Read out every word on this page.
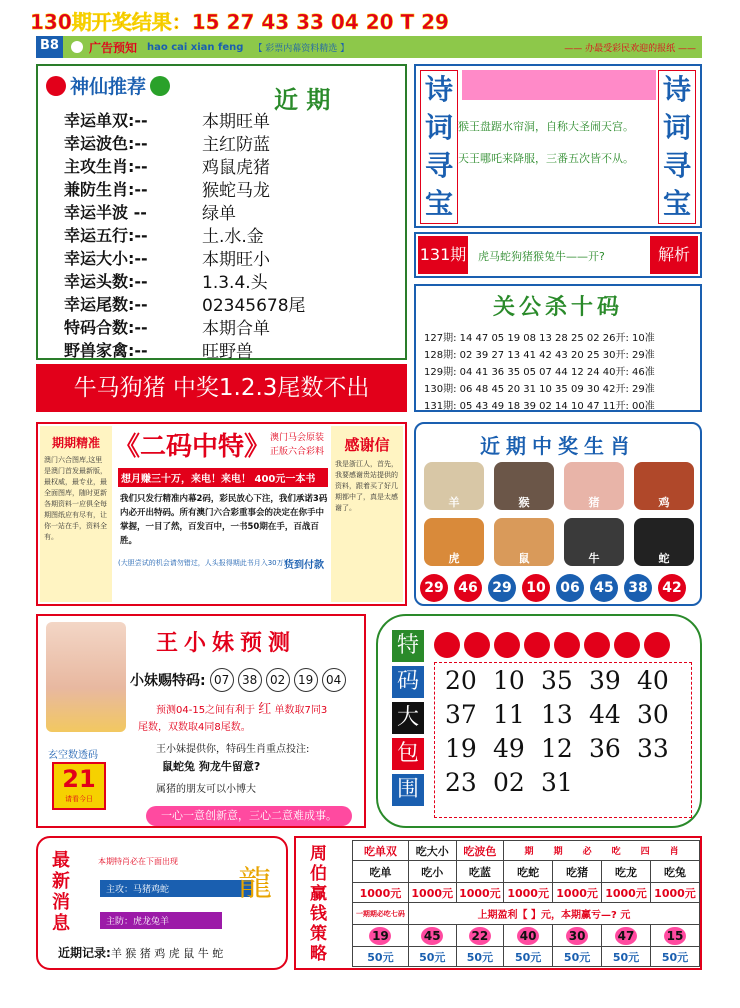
130期开奖结果：15 27 43 33 04 20 T 29
B8	广告预知 hao cai xian feng 【 彩票内幕资料精选 】	—— 办最受彩民欢迎的报纸 ——
神仙推荐	近 期
幸运单双:--	本期旺单
幸运波色:--	主红防蓝
主攻生肖:--	鸡鼠虎猪
兼防生肖:--	猴蛇马龙
幸运半波 --	绿单
幸运五行:--	土.水.金
幸运大小:--	本期旺小
幸运头数:--	1.3.4.头
幸运尾数:--	02345678尾
特码合数:--	本期合单
野兽家禽:--	旺野兽
牛马狗猪 中奖1.2.3尾数不出
诗
词
寻
宝
诗
词
寻
宝
猴王盘踞水帘洞，自称大圣闹天宫。
天王哪吒来降服，三番五次皆不从。
131期 虎马蛇狗猪猴兔牛——开?	解析
关公杀十码
127期: 14 47 05 19 08 13 28 25 02 26开: 10准
128期: 02 39 27 13 41 42 43 20 25 30开: 29准
129期: 04 41 36 35 05 07 44 12 24 40开: 46准
130期: 06 48 45 20 31 10 35 09 30 42开: 29准
131期: 05 43 49 18 39 02 14 10 47 11开: 00准
期期精准
澳门六合图库,这里是澳门首发最新版，最权威，最专业，最全面图库，随时更新各期资料一应俱全每期图纸应有尽有，让你一站在手，资料全有。
《二码中特》 澳门马会原装
正版六合彩料
想月赚三十万，来电！来电！ 400元一本书
我们只发行精准内幕2码，彩民放心下注，我们承诺3码内必开出特码。所有澳门六合彩重事会的决定在你手中掌握，一目了然，百发百中，一书50期在手，百战百胜。
(大胆尝试的机会请勿错过，人头报得期此书月入30万)
货到付款
感谢信
我是浙江人，首先，我要感谢贵站提供的资料，跟着买了好几期都中了，真是太感谢了。
近期中奖生肖
羊	猴	猪	鸡
虎	鼠	牛	蛇
29	46	29	10	06	45	38	42
王小妹预测
小妹赐特码: 07	38	02	19	04
预测04-15之间有利于 红 单数取7同3
尾数，双数取4同8尾数。
王小妹提供你，特码生肖重点投注:
鼠蛇兔 狗龙牛留意?
属猪的朋友可以小博大
玄空数透码
21
请看今日
一心一意创新意，三心二意难成事。
特
码
大
包
围
20 10 35 39 40
37 11 13 44 30
19 49 12 36 33
23 02 31
最
新
消
息
本期特肖必在下面出现
主攻：马猪鸡蛇
主防：虎龙兔羊
龍
近期记录:羊 猴 猪 鸡 虎 鼠 牛 蛇
周
伯
赢
钱
策
略
吃单双	吃大小	吃波色	期 期 必 吃 四 肖			
吃单	吃小	吃蓝	吃蛇	吃猪	吃龙	吃兔
1000元	1000元	1000元	1000元	1000元	1000元	1000元
一期期必吃七码	上期盈利【 】元，本期赢亏—? 元					
19	45	22	40	30	47	15
50元	50元	50元	50元	50元	50元	50元
